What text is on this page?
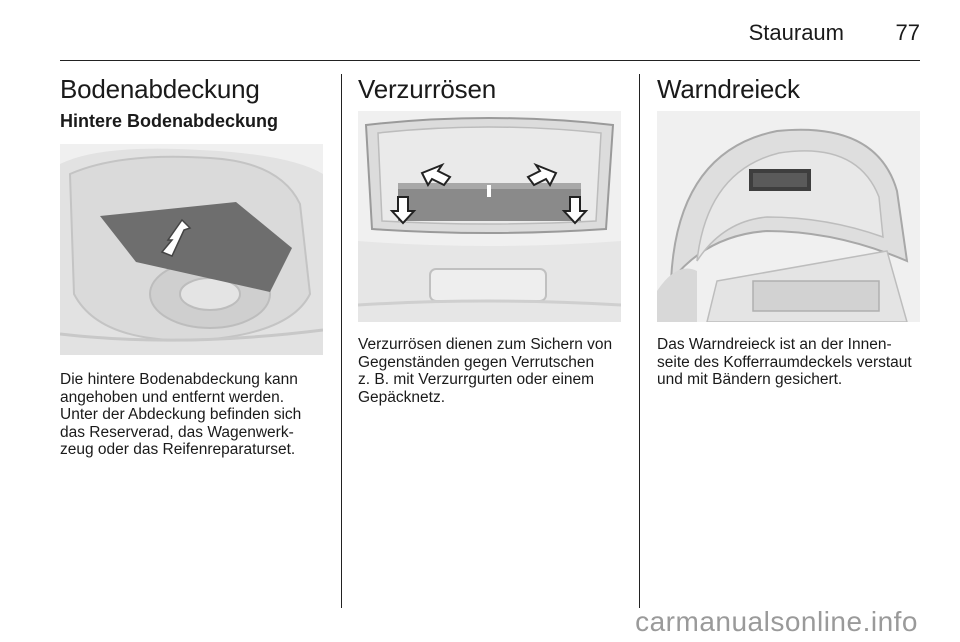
Stauraum 77
Bodenabdeckung
Hintere Bodenabdeckung
Die hintere Bodenabdeckung kann
angehoben und entfernt werden.
Unter der Abdeckung befinden sich
das Reserverad, das Wagenwerk-
zeug oder das Reifenreparaturset.
Verzurrösen
Verzurrösen dienen zum Sichern von
Gegenständen gegen Verrutschen
z. B. mit Verzurrgurten oder einem
Gepäcknetz.
Warndreieck
Das Warndreieck ist an der Innen-
seite des Kofferraumdeckels verstaut
und mit Bändern gesichert.
carmanualsonline.info
